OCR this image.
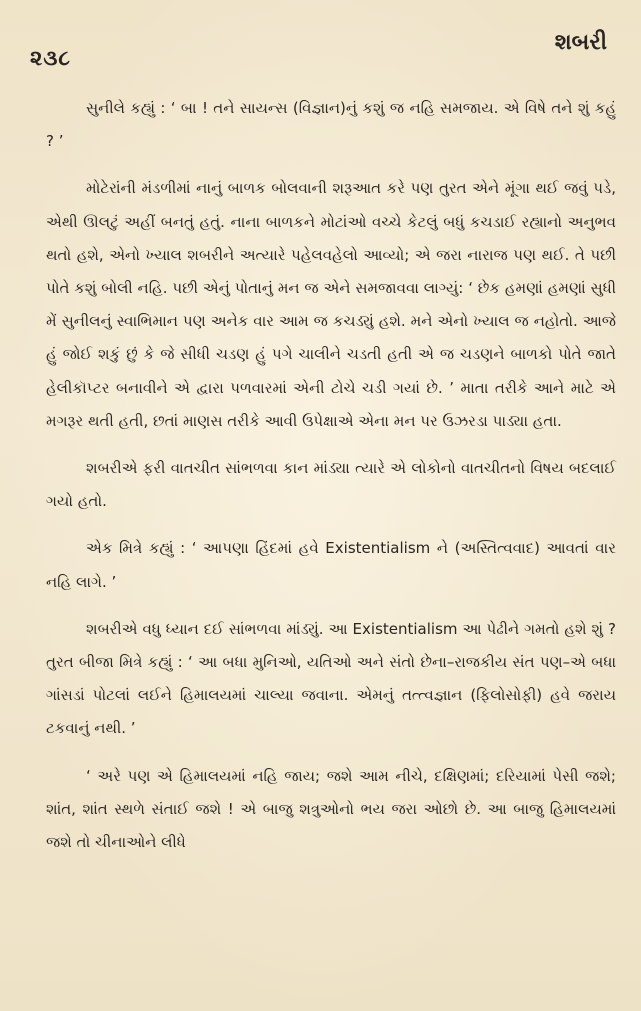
૨૩૮
શબરી

સુનીલે કહ્યું : ‘ બા ! તને સાયન્સ (વિજ્ઞાન)નું કશું જ નહિ સમજાય. એ વિષે તને શું કહું ? ’

મોટેરાંની મંડળીમાં નાનું બાળક બોલવાની શરૂઆત કરે પણ તુરત એને મૂંગા થઈ જવું પડે, એથી ઊલટું અહીં બનતું હતું. નાના બાળકને મોટાંઓ વચ્ચે કેટલું બધું કચડાઈ રહ્યાનો અનુભવ થતો હશે, એનો ખ્યાલ શબરીને અત્યારે પહેલવહેલો આવ્યો; એ જરા નારાજ પણ થઈ. તે પછી પોતે કશું બોલી નહિ. પછી એનું પોતાનું મન જ એને સમજાવવા લાગ્યું: ‘ છેક હમણાં હમણાં સુધી મેં સુનીલનું સ્વાભિમાન પણ અનેક વાર આમ જ કચડ્યું હશે. મને એનો ખ્યાલ જ નહોતો. આજે હું જોઈ શકું છું કે જે સીધી ચડણ હું પગે ચાલીને ચડતી હતી એ જ ચડણને બાળકો પોતે જાતે હેલીકૉપ્ટર બનાવીને એ દ્વારા પળવારમાં એની ટોચે ચડી ગયાં છે. ’ માતા તરીકે આને માટે એ મગરૂર થતી હતી, છતાં માણસ તરીકે આવી ઉપેક્ષાએ એના મન પર ઉઝરડા પાડ્યા હતા.

શબરીએ ફરી વાતચીત સાંભળવા કાન માંડ્યા ત્યારે એ લોકોનો વાતચીતનો વિષય બદલાઈ ગયો હતો.

એક મિત્રે કહ્યું : ‘ આપણા હિંદમાં હવે Existentialism ને (અસ્તિત્વવાદ) આવતાં વાર નહિ લાગે. ’

શબરીએ વધુ ધ્યાન દઈ સાંભળવા માંડ્યું. આ Existentialism આ પેઢીને ગમતો હશે શું ? તુરત બીજા મિત્રે કહ્યું : ‘ આ બધા મુનિઓ, યતિઓ અને સંતો છેના–રાજકીય સંત પણ–એ બધા ગાંસડાં પોટલાં લઈને હિમાલયમાં ચાલ્યા જવાના. એમનું તત્ત્વજ્ઞાન (ફિલોસોફી) હવે જરાય ટકવાનું નથી. ’

‘ અરે પણ એ હિમાલયમાં નહિ જાય; જશે આમ નીચે, દક્ષિણમાં; દરિયામાં પેસી જશે; શાંત, શાંત સ્થળે સંતાઈ જશે ! એ બાજુ શત્રુઓનો ભય જરા ઓછો છે. આ બાજુ હિમાલયમાં જશે તો ચીનાઓને લીધે
